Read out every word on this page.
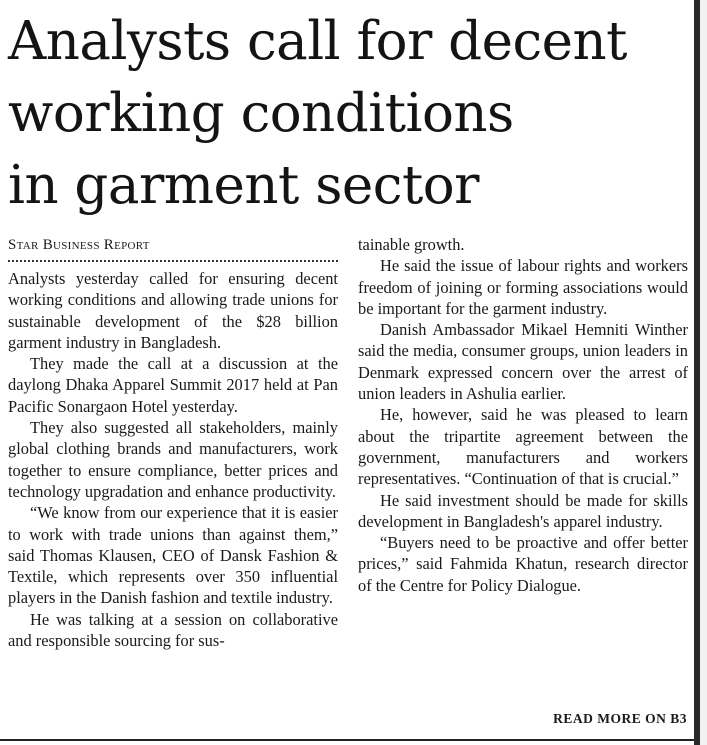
Analysts call for decent
working conditions
in garment sector
Star Business Report

Analysts yesterday called for ensuring decent working conditions and allowing trade unions for sustainable development of the $28 billion garment industry in Bangladesh.

They made the call at a discussion at the daylong Dhaka Apparel Summit 2017 held at Pan Pacific Sonargaon Hotel yesterday.

They also suggested all stakeholders, mainly global clothing brands and manufacturers, work together to ensure compliance, better prices and technology upgradation and enhance productivity.

“We know from our experience that it is easier to work with trade unions than against them,” said Thomas Klausen, CEO of Dansk Fashion & Textile, which represents over 350 influential players in the Danish fashion and textile industry.

He was talking at a session on collaborative and responsible sourcing for sus-

tainable growth.

He said the issue of labour rights and workers freedom of joining or forming associations would be important for the garment industry.

Danish Ambassador Mikael Hemniti Winther said the media, consumer groups, union leaders in Denmark expressed concern over the arrest of union leaders in Ashulia earlier.

He, however, said he was pleased to learn about the tripartite agreement between the government, manufacturers and workers representatives. “Continuation of that is crucial.”

He said investment should be made for skills development in Bangladesh's apparel industry.

“Buyers need to be proactive and offer better prices,” said Fahmida Khatun, research director of the Centre for Policy Dialogue.

READ MORE ON B3
